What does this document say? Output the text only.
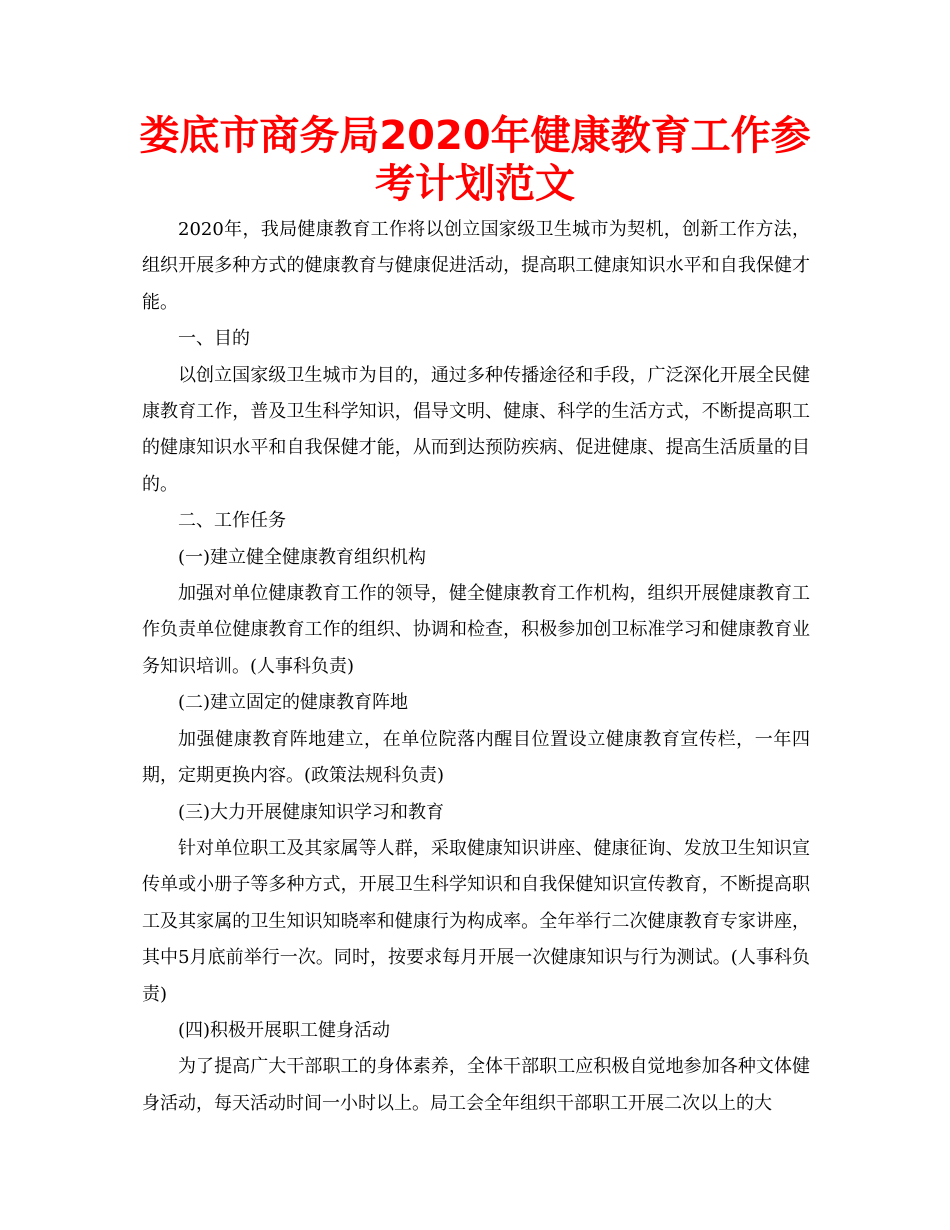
娄底市商务局2020年健康教育工作参考计划范文

2020年，我局健康教育工作将以创立国家级卫生城市为契机，创新工作方法，组织开展多种方式的健康教育与健康促进活动，提高职工健康知识水平和自我保健才能。

一、目的

以创立国家级卫生城市为目的，通过多种传播途径和手段，广泛深化开展全民健康教育工作，普及卫生科学知识，倡导文明、健康、科学的生活方式，不断提高职工的健康知识水平和自我保健才能，从而到达预防疾病、促进健康、提高生活质量的目的。

二、工作任务

(一)建立健全健康教育组织机构

加强对单位健康教育工作的领导，健全健康教育工作机构，组织开展健康教育工作负责单位健康教育工作的组织、协调和检查，积极参加创卫标准学习和健康教育业务知识培训。(人事科负责)

(二)建立固定的健康教育阵地

加强健康教育阵地建立，在单位院落内醒目位置设立健康教育宣传栏，一年四期，定期更换内容。(政策法规科负责)

(三)大力开展健康知识学习和教育

针对单位职工及其家属等人群，采取健康知识讲座、健康征询、发放卫生知识宣传单或小册子等多种方式，开展卫生科学知识和自我保健知识宣传教育，不断提高职工及其家属的卫生知识知晓率和健康行为构成率。全年举行二次健康教育专家讲座，其中5月底前举行一次。同时，按要求每月开展一次健康知识与行为测试。(人事科负责)

(四)积极开展职工健身活动

为了提高广大干部职工的身体素养，全体干部职工应积极自觉地参加各种文体健身活动，每天活动时间一小时以上。局工会全年组织干部职工开展二次以上的大
